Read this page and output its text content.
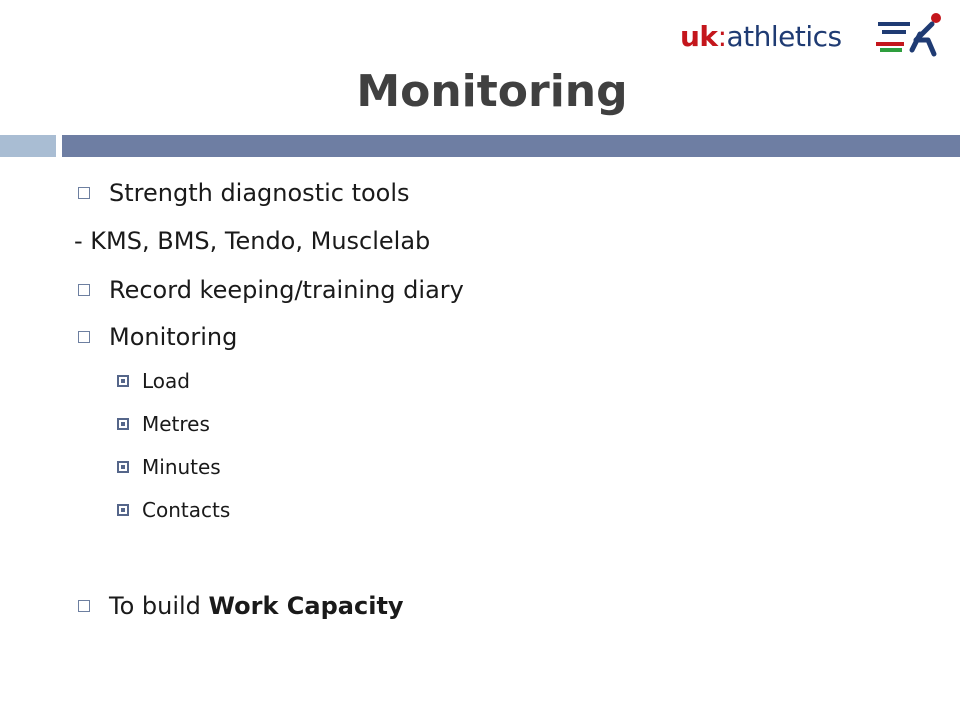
uk:athletics
Monitoring
Strength diagnostic tools
- KMS, BMS, Tendo, Musclelab
Record keeping/training diary
Monitoring
Load
Metres
Minutes
Contacts
To build Work Capacity
